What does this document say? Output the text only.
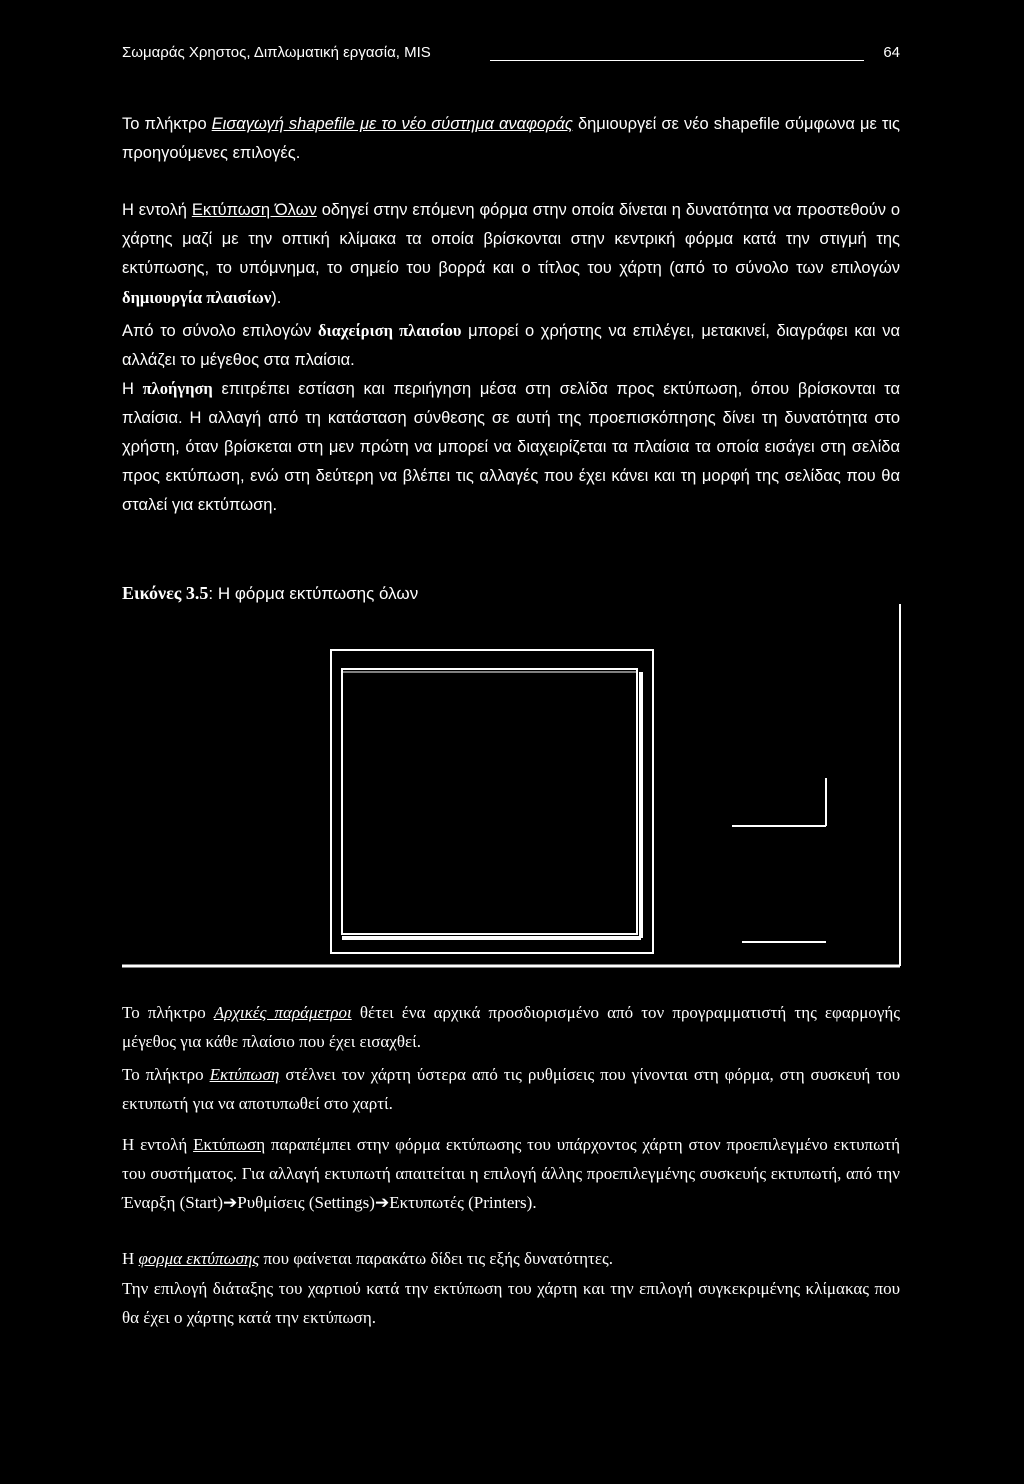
Σωμαράς Χρηστος, Διπλωματική εργασία, MIS	64

Το πλήκτρο Εισαγωγή shapefile με το νέο σύστημα αναφοράς δημιουργεί σε νέο shapefile σύμφωνα με τις προηγούμενες επιλογές.

Η εντολή Εκτύπωση Όλων οδηγεί στην επόμενη φόρμα στην οποία δίνεται η δυνατότητα να προστεθούν ο χάρτης μαζί με την οπτική κλίμακα τα οποία βρίσκονται στην κεντρική φόρμα κατά την στιγμή της εκτύπωσης, το υπόμνημα, το σημείο του βορρά και ο τίτλος του χάρτη (από το σύνολο των επιλογών δημιουργία πλαισίων).

Από το σύνολο επιλογών διαχείριση πλαισίου μπορεί ο χρήστης να επιλέγει, μετακινεί, διαγράφει και να αλλάζει το μέγεθος στα πλαίσια.

Η πλοήγηση επιτρέπει εστίαση και περιήγηση μέσα στη σελίδα προς εκτύπωση, όπου βρίσκονται τα πλαίσια. Η αλλαγή από τη κατάσταση σύνθεσης σε αυτή της προεπισκόπησης δίνει τη δυνατότητα στο χρήστη, όταν βρίσκεται στη μεν πρώτη να μπορεί να διαχειρίζεται τα πλαίσια τα οποία εισάγει στη σελίδα προς εκτύπωση, ενώ στη δεύτερη να βλέπει τις αλλαγές που έχει κάνει και τη μορφή της σελίδας που θα σταλεί για εκτύπωση.

Εικόνες 3.5: Η φόρμα εκτύπωσης όλων

Το πλήκτρο Αρχικές παράμετροι θέτει ένα αρχικά προσδιορισμένο από τον προγραμματιστή της εφαρμογής μέγεθος για κάθε πλαίσιο που έχει εισαχθεί.

Το πλήκτρο Εκτύπωση στέλνει τον χάρτη ύστερα από τις ρυθμίσεις που γίνονται στη φόρμα, στη συσκευή του εκτυπωτή για να αποτυπωθεί στο χαρτί.

Η εντολή Εκτύπωση παραπέμπει στην φόρμα εκτύπωσης του υπάρχοντος χάρτη στον προεπιλεγμένο εκτυπωτή του συστήματος. Για αλλαγή εκτυπωτή απαιτείται η επιλογή άλλης προεπιλεγμένης συσκευής εκτυπωτή, από την Έναρξη (Start)➔Ρυθμίσεις (Settings)➔Εκτυπωτές (Printers).

Η φορμα εκτύπωσης που φαίνεται παρακάτω δίδει τις εξής δυνατότητες.

Την επιλογή διάταξης του χαρτιού κατά την εκτύπωση του χάρτη και την επιλογή συγκεκριμένης κλίμακας που θα έχει ο χάρτης κατά την εκτύπωση.
